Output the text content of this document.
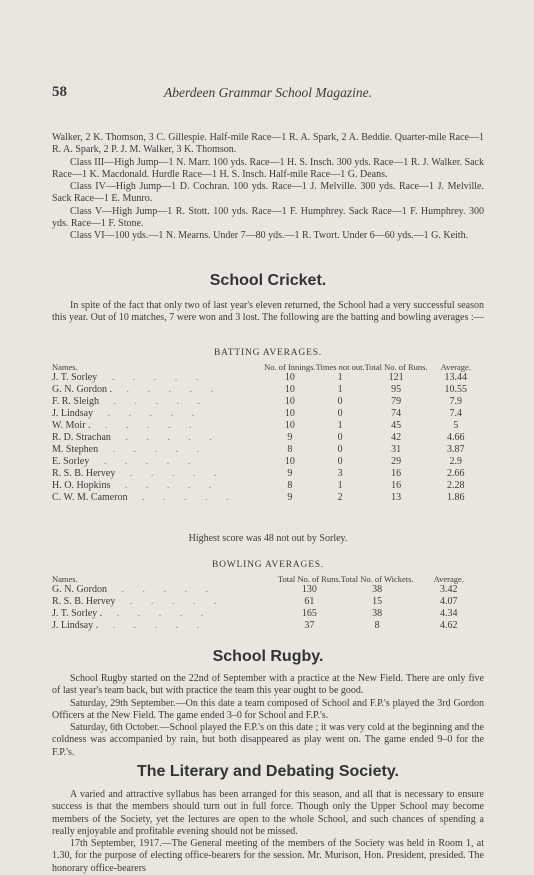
58	Aberdeen Grammar School Magazine.

Walker, 2 K. Thomson, 3 C. Gillespie. Half-mile Race—1 R. A. Spark, 2 A. Beddie. Quarter-mile Race—1 R. A. Spark, 2 P. J. M. Walker, 3 K. Thomson.

Class III—High Jump—1 N. Marr. 100 yds. Race—1 H. S. Insch. 300 yds. Race—1 R. J. Walker. Sack Race—1 K. Macdonald. Hurdle Race—1 H. S. Insch. Half-mile Race—1 G. Deans.

Class IV—High Jump—1 D. Cochran. 100 yds. Race—1 J. Melville. 300 yds. Race—1 J. Melville. Sack Race—1 E. Munro.

Class V—High Jump—1 R. Stott. 100 yds. Race—1 F. Humphrey. Sack Race—1 F. Humphrey. 300 yds. Race—1 F. Stone.

Class VI—100 yds.—1 N. Mearns. Under 7—80 yds.—1 R. Twort. Under 6—60 yds.—1 G. Keith.

School Cricket.

In spite of the fact that only two of last year's eleven returned, the School had a very successful season this year. Out of 10 matches, 7 were won and 3 lost. The following are the batting and bowling averages :—

BATTING AVERAGES.
Names.	No. of Innings.	Times not out.	Total No. of Runs.	Average.
J. T. Sorley . . . . .	10	1	121	13.44
G. N. Gordon . . . . . .	10	1	95	10.55
F. R. Sleigh . . . . .	10	0	79	7.9
J. Lindsay . . . . .	10	0	74	7.4
W. Moir . . . . . .	10	1	45	5
R. D. Strachan . . . . .	9	0	42	4.66
M. Stephen . . . . .	8	0	31	3.87
E. Sorley . . . . .	10	0	29	2.9
R. S. B. Hervey . . . . .	9	3	16	2.66
H. O. Hopkins . . . . .	8	1	16	2.28
C. W. M. Cameron . . . . .	9	2	13	1.86
Highest score was 48 not out by Sorley.
BOWLING AVERAGES.
Names.	Total No. of Runs.	Total No. of Wickets.	Average.
G. N. Gordon . . . . .	130	38	3.42
R. S. B. Hervey . . . . .	61	15	4.07
J. T. Sorley . . . . . .	165	38	4.34
J. Lindsay . . . . . .	37	8	4.62
School Rugby.

School Rugby started on the 22nd of September with a practice at the New Field. There are only five of last year's team back, but with practice the team this year ought to be good.

Saturday, 29th September.—On this date a team composed of School and F.P.'s played the 3rd Gordon Officers at the New Field. The game ended 3–0 for School and F.P.'s.

Saturday, 6th October.—School played the F.P.'s on this date ; it was very cold at the beginning and the coldness was accompanied by rain, but both disappeared as play went on. The game ended 9–0 for the F.P.'s.

The Literary and Debating Society.

A varied and attractive syllabus has been arranged for this season, and all that is necessary to ensure success is that the members should turn out in full force. Though only the Upper School may become members of the Society, yet the lectures are open to the whole School, and such chances of spending a really enjoyable and profitable evening should not be missed.

17th September, 1917.—The General meeting of the members of the Society was held in Room 1, at 1.30, for the purpose of electing office-bearers for the session. Mr. Murison, Hon. President, presided. The honorary office-bearers
